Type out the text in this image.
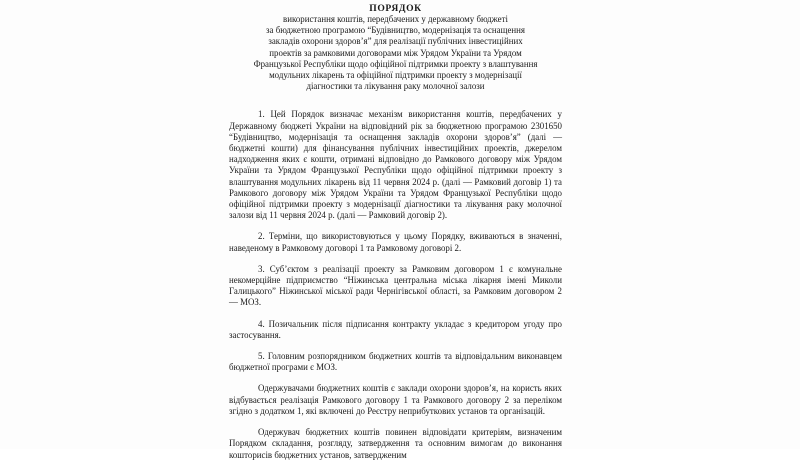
ПОРЯДОК
використання коштів, передбачених у державному бюджеті
за бюджетною програмою “Будівництво, модернізація та оснащення
закладів охорони здоров’я” для реалізації публічних інвестиційних
проектів за рамковими договорами між Урядом України та Урядом
Французької Республіки щодо офіційної підтримки проекту з влаштування
модульних лікарень та офіційної підтримки проекту з модернізації
діагностики та лікування раку молочної залози

1. Цей Порядок визначає механізм використання коштів, передбачених у Державному бюджеті України на відповідний рік за бюджетною програмою 2301650 “Будівництво, модернізація та оснащення закладів охорони здоров’я” (далі — бюджетні кошти) для фінансування публічних інвестиційних проектів, джерелом надходження яких є кошти, отримані відповідно до Рамкового договору між Урядом України та Урядом Французької Республіки щодо офіційної підтримки проекту з влаштування модульних лікарень від 11 червня 2024 р. (далі — Рамковий договір 1) та Рамкового договору між Урядом України та Урядом Французької Республіки щодо офіційної підтримки проекту з модернізації діагностики та лікування раку молочної залози від 11 червня 2024 р. (далі — Рамковий договір 2).

2. Терміни, що використовуються у цьому Порядку, вживаються в значенні, наведеному в Рамковому договорі 1 та Рамковому договорі 2.

3. Суб’єктом з реалізації проекту за Рамковим договором 1 є комунальне некомерційне підприємство “Ніжинська центральна міська лікарня імені Миколи Галицького” Ніжинської міської ради Чернігівської області, за Рамковим договором 2 — МОЗ.

4. Позичальник після підписання контракту укладає з кредитором угоду про застосування.

5. Головним розпорядником бюджетних коштів та відповідальним виконавцем бюджетної програми є МОЗ.

Одержувачами бюджетних коштів є заклади охорони здоров’я, на користь яких відбувається реалізація Рамкового договору 1 та Рамкового договору 2 за переліком згідно з додатком 1, які включені до Реєстру неприбуткових установ та організацій.

Одержувач бюджетних коштів повинен відповідати критеріям, визначеним Порядком складання, розгляду, затвердження та основним вимогам до виконання кошторисів бюджетних установ, затвердженим
